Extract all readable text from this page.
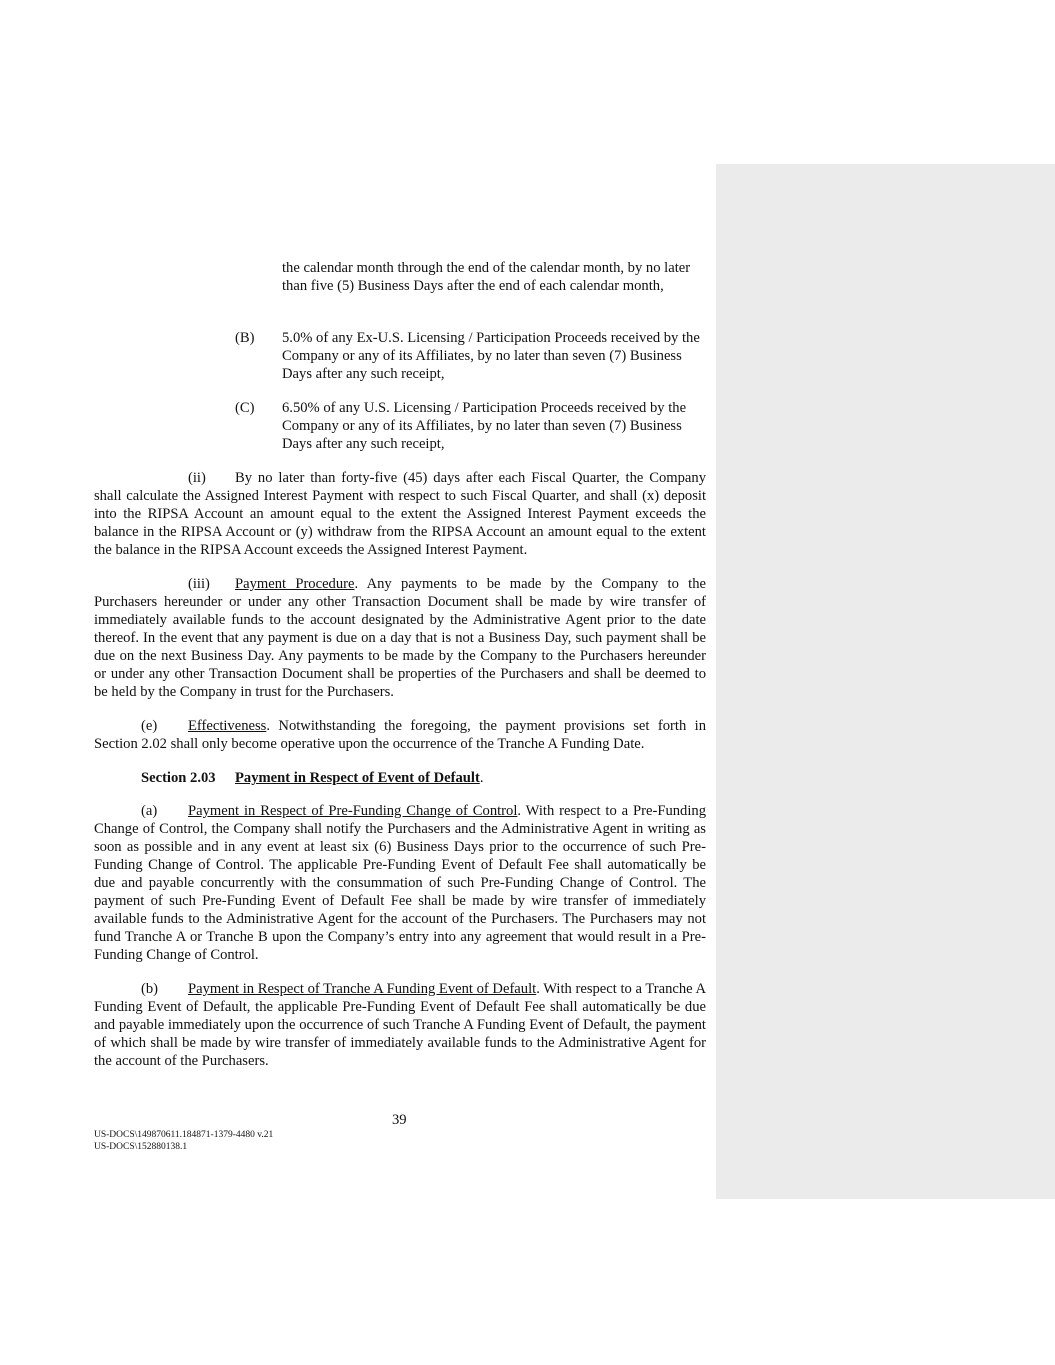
the calendar month through the end of the calendar month, by no later than five (5) Business Days after the end of each calendar month,

(B)	5.0% of any Ex-U.S. Licensing / Participation Proceeds received by the Company or any of its Affiliates, by no later than seven (7) Business Days after any such receipt,
(C)	6.50% of any U.S. Licensing / Participation Proceeds received by the Company or any of its Affiliates, by no later than seven (7) Business Days after any such receipt,

(ii) By no later than forty-five (45) days after each Fiscal Quarter, the Company shall calculate the Assigned Interest Payment with respect to such Fiscal Quarter, and shall (x) deposit into the RIPSA Account an amount equal to the extent the Assigned Interest Payment exceeds the balance in the RIPSA Account or (y) withdraw from the RIPSA Account an amount equal to the extent the balance in the RIPSA Account exceeds the Assigned Interest Payment.

(iii) Payment Procedure. Any payments to be made by the Company to the Purchasers hereunder or under any other Transaction Document shall be made by wire transfer of immediately available funds to the account designated by the Administrative Agent prior to the date thereof. In the event that any payment is due on a day that is not a Business Day, such payment shall be due on the next Business Day. Any payments to be made by the Company to the Purchasers hereunder or under any other Transaction Document shall be properties of the Purchasers and shall be deemed to be held by the Company in trust for the Purchasers.

(e) Effectiveness. Notwithstanding the foregoing, the payment provisions set forth in Section 2.02 shall only become operative upon the occurrence of the Tranche A Funding Date.

Section 2.03 Payment in Respect of Event of Default.

(a) Payment in Respect of Pre-Funding Change of Control. With respect to a Pre-Funding Change of Control, the Company shall notify the Purchasers and the Administrative Agent in writing as soon as possible and in any event at least six (6) Business Days prior to the occurrence of such Pre-Funding Change of Control. The applicable Pre-Funding Event of Default Fee shall automatically be due and payable concurrently with the consummation of such Pre-Funding Change of Control. The payment of such Pre-Funding Event of Default Fee shall be made by wire transfer of immediately available funds to the Administrative Agent for the account of the Purchasers. The Purchasers may not fund Tranche A or Tranche B upon the Company’s entry into any agreement that would result in a Pre-Funding Change of Control.

(b) Payment in Respect of Tranche A Funding Event of Default. With respect to a Tranche A Funding Event of Default, the applicable Pre-Funding Event of Default Fee shall automatically be due and payable immediately upon the occurrence of such Tranche A Funding Event of Default, the payment of which shall be made by wire transfer of immediately available funds to the Administrative Agent for the account of the Purchasers.

39
US-DOCS\149870611.184871-1379-4480 v.21
US-DOCS\152880138.1
